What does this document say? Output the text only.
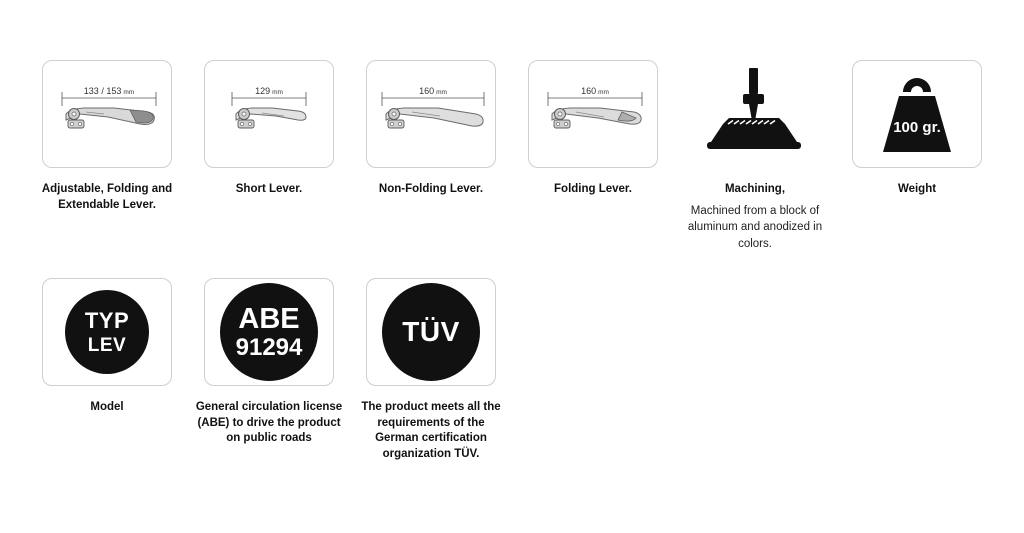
133 / 153 mm
Adjustable, Folding and Extendable Lever.
129 mm
Short Lever.
160 mm
Non-Folding Lever.
160 mm
Folding Lever.	Machining,
Machined from a block of aluminum and anodized in colors.
100 gr.
Weight
TYP
LEV
Model
ABE
91294
General circulation license (ABE) to drive the product on public roads
TÜV
The product meets all the requirements of the German certification organization TÜV.
